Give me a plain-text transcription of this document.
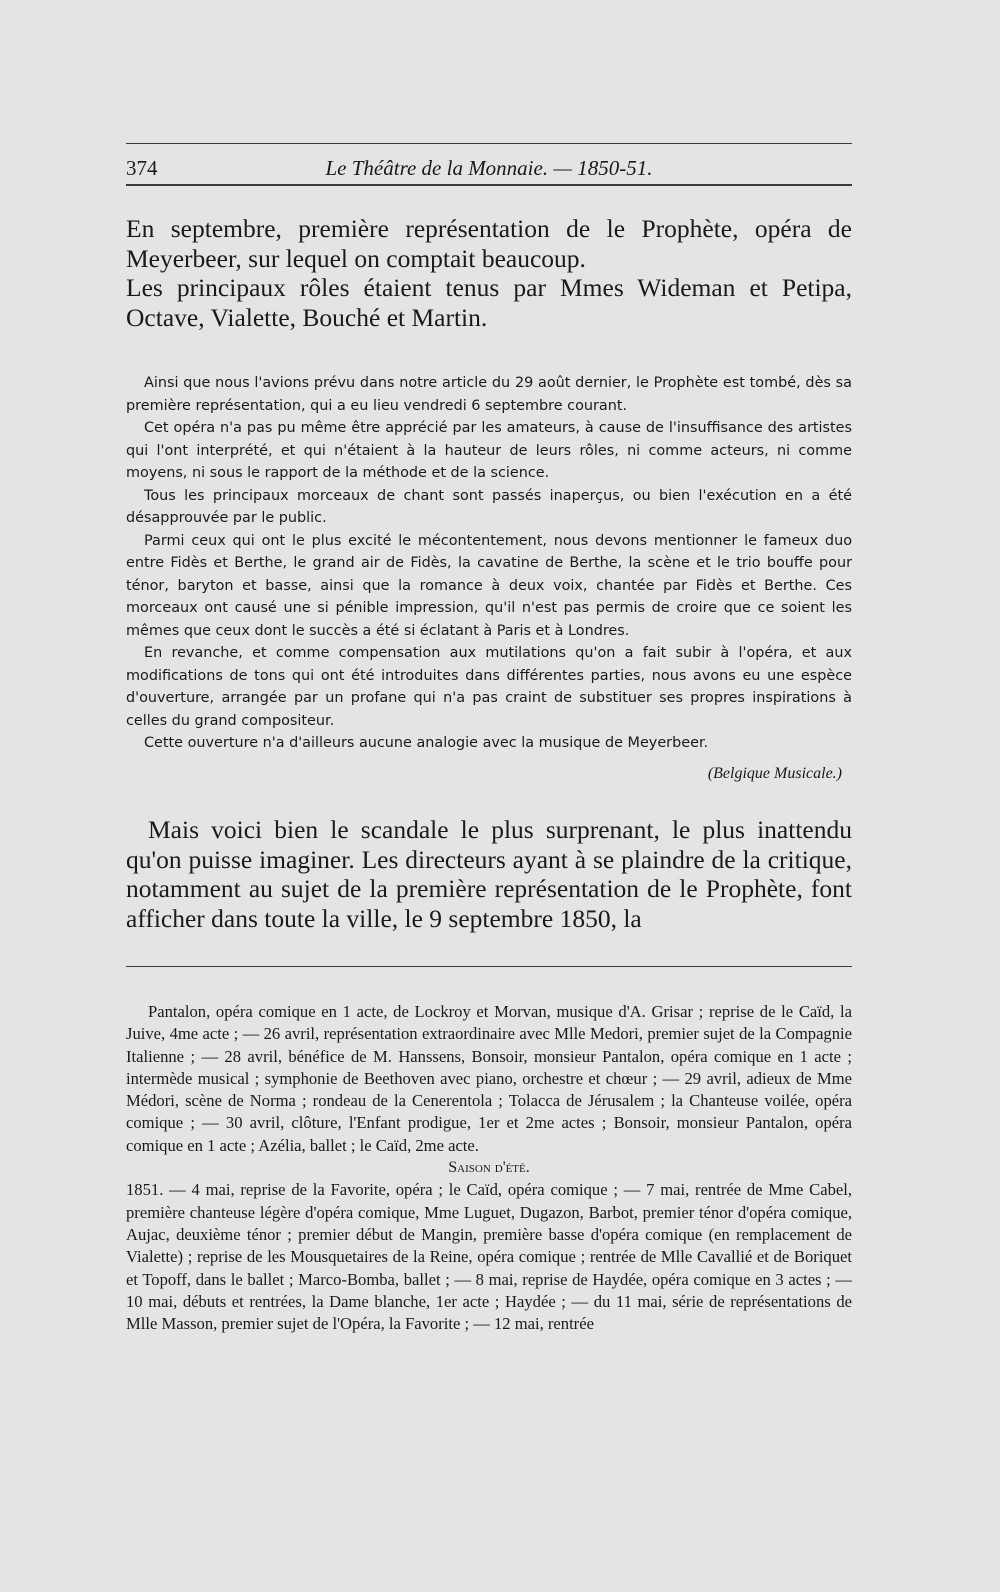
374	Le Théâtre de la Monnaie. — 1850-51.

En septembre, première représentation de le Prophète, opéra de Meyerbeer, sur lequel on comptait beaucoup.

Les principaux rôles étaient tenus par Mmes Wideman et Petipa, Octave, Vialette, Bouché et Martin.

Ainsi que nous l'avions prévu dans notre article du 29 août dernier, le Prophète est tombé, dès sa première représentation, qui a eu lieu vendredi 6 septembre courant.

Cet opéra n'a pas pu même être apprécié par les amateurs, à cause de l'insuffisance des artistes qui l'ont interprété, et qui n'étaient à la hauteur de leurs rôles, ni comme acteurs, ni comme moyens, ni sous le rapport de la méthode et de la science.

Tous les principaux morceaux de chant sont passés inaperçus, ou bien l'exécution en a été désapprouvée par le public.

Parmi ceux qui ont le plus excité le mécontentement, nous devons mentionner le fameux duo entre Fidès et Berthe, le grand air de Fidès, la cavatine de Berthe, la scène et le trio bouffe pour ténor, baryton et basse, ainsi que la romance à deux voix, chantée par Fidès et Berthe. Ces morceaux ont causé une si pénible impression, qu'il n'est pas permis de croire que ce soient les mêmes que ceux dont le succès a été si éclatant à Paris et à Londres.

En revanche, et comme compensation aux mutilations qu'on a fait subir à l'opéra, et aux modifications de tons qui ont été introduites dans différentes parties, nous avons eu une espèce d'ouverture, arrangée par un profane qui n'a pas craint de substituer ses propres inspirations à celles du grand compositeur.

Cette ouverture n'a d'ailleurs aucune analogie avec la musique de Meyerbeer.

(Belgique Musicale.)

Mais voici bien le scandale le plus surprenant, le plus inattendu qu'on puisse imaginer. Les directeurs ayant à se plaindre de la critique, notamment au sujet de la première représentation de le Prophète, font afficher dans toute la ville, le 9 septembre 1850, la

Pantalon, opéra comique en 1 acte, de Lockroy et Morvan, musique d'A. Grisar ; reprise de le Caïd, la Juive, 4me acte ; — 26 avril, représentation extraordinaire avec Mlle Medori, premier sujet de la Compagnie Italienne ; — 28 avril, bénéfice de M. Hanssens, Bonsoir, monsieur Pantalon, opéra comique en 1 acte ; intermède musical ; symphonie de Beethoven avec piano, orchestre et chœur ; — 29 avril, adieux de Mme Médori, scène de Norma ; rondeau de la Cenerentola ; Tolacca de Jérusalem ; la Chanteuse voilée, opéra comique ; — 30 avril, clôture, l'Enfant prodigue, 1er et 2me actes ; Bonsoir, monsieur Pantalon, opéra comique en 1 acte ; Azélia, ballet ; le Caïd, 2me acte.

Saison d'été.

1851. — 4 mai, reprise de la Favorite, opéra ; le Caïd, opéra comique ; — 7 mai, rentrée de Mme Cabel, première chanteuse légère d'opéra comique, Mme Luguet, Dugazon, Barbot, premier ténor d'opéra comique, Aujac, deuxième ténor ; premier début de Mangin, première basse d'opéra comique (en remplacement de Vialette) ; reprise de les Mousquetaires de la Reine, opéra comique ; rentrée de Mlle Cavallié et de Boriquet et Topoff, dans le ballet ; Marco-Bomba, ballet ; — 8 mai, reprise de Haydée, opéra comique en 3 actes ; — 10 mai, débuts et rentrées, la Dame blanche, 1er acte ; Haydée ; — du 11 mai, série de représentations de Mlle Masson, premier sujet de l'Opéra, la Favorite ; — 12 mai, rentrée
